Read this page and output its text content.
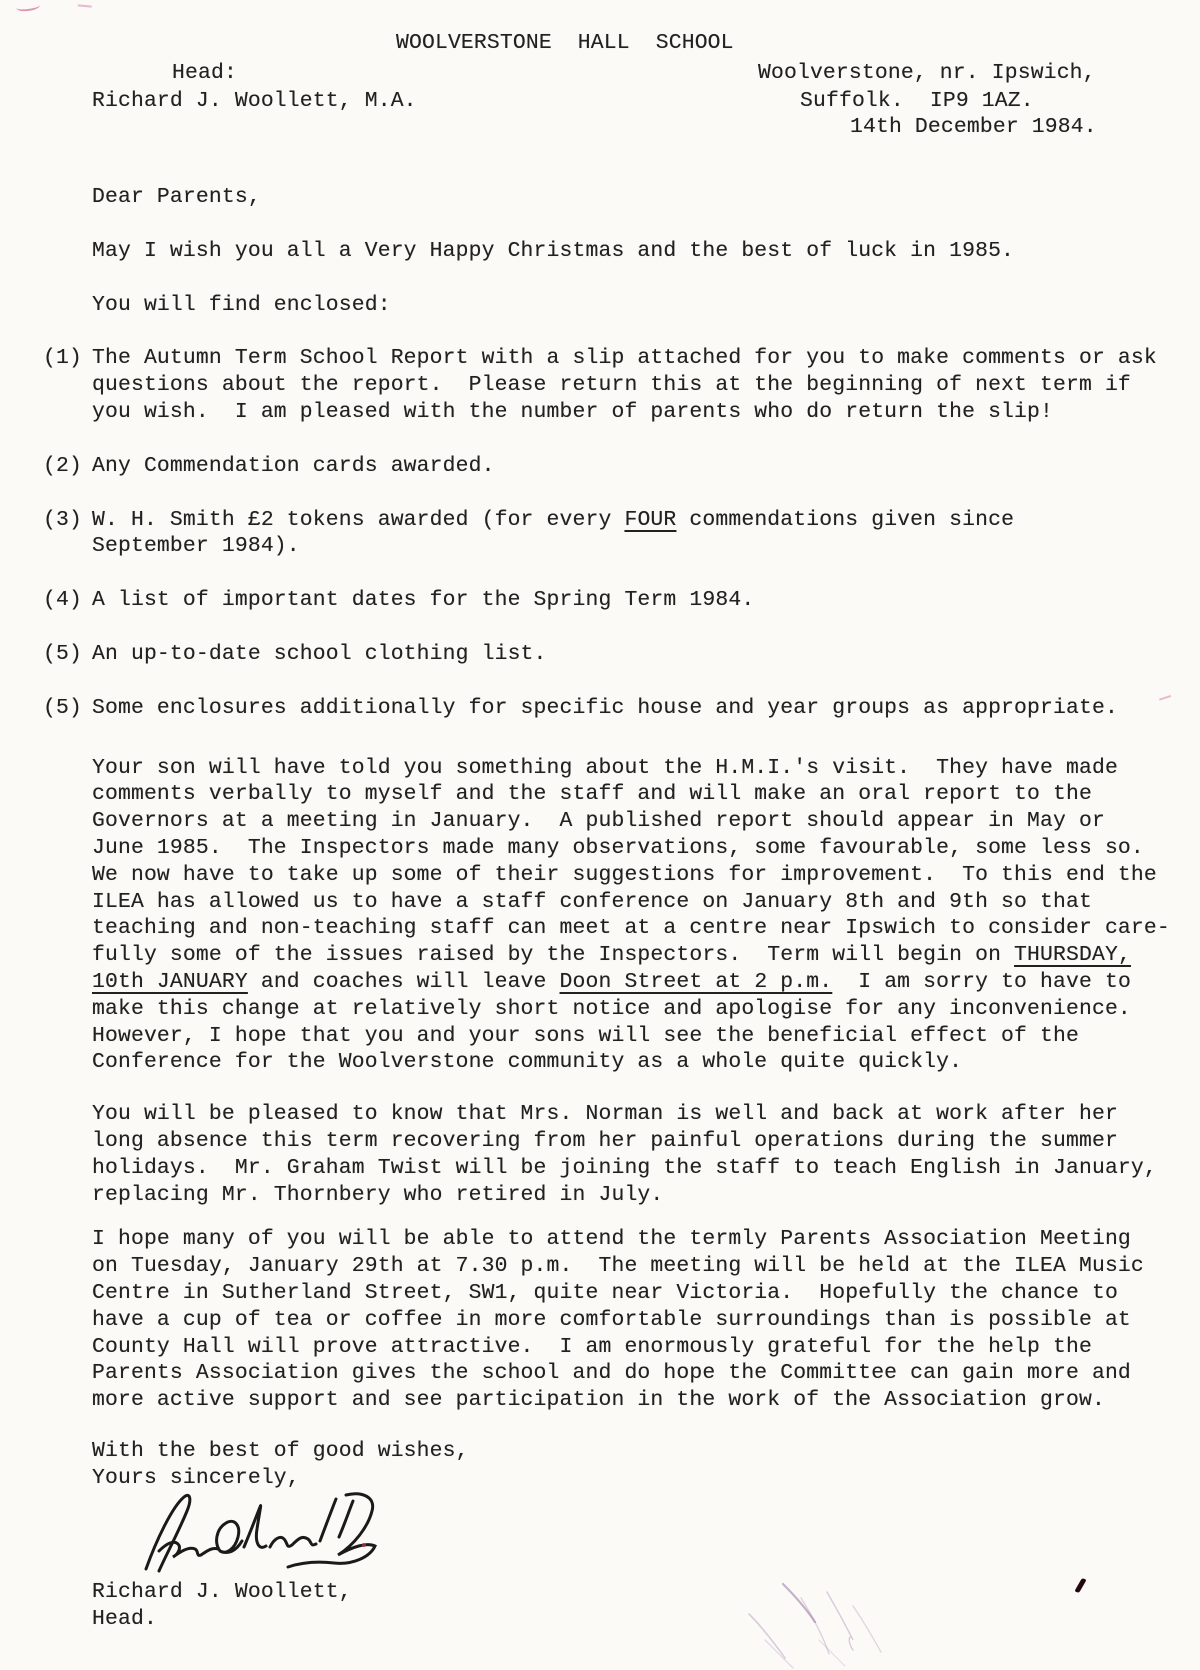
WOOLVERSTONE  HALL  SCHOOL
Head:
Richard J. Woollett, M.A.
Woolverstone, nr. Ipswich,
Suffolk.  IP9 1AZ.
14th December 1984.
Dear Parents,
May I wish you all a Very Happy Christmas and the best of luck in 1985.
You will find enclosed:
(1) The Autumn Term School Report with a slip attached for you to make comments or ask
questions about the report.  Please return this at the beginning of next term if
you wish.  I am pleased with the number of parents who do return the slip!
(2) Any Commendation cards awarded.
(3) W. H. Smith £2 tokens awarded (for every FOUR commendations given since
September 1984).
(4) A list of important dates for the Spring Term 1984.
(5) An up-to-date school clothing list.
(5) Some enclosures additionally for specific house and year groups as appropriate.
Your son will have told you something about the H.M.I.'s visit.  They have made
comments verbally to myself and the staff and will make an oral report to the
Governors at a meeting in January.  A published report should appear in May or
June 1985.  The Inspectors made many observations, some favourable, some less so.
We now have to take up some of their suggestions for improvement.  To this end the
ILEA has allowed us to have a staff conference on January 8th and 9th so that
teaching and non-teaching staff can meet at a centre near Ipswich to consider care-
fully some of the issues raised by the Inspectors.  Term will begin on THURSDAY,
10th JANUARY and coaches will leave Doon Street at 2 p.m.  I am sorry to have to
make this change at relatively short notice and apologise for any inconvenience.
However, I hope that you and your sons will see the beneficial effect of the
Conference for the Woolverstone community as a whole quite quickly.
You will be pleased to know that Mrs. Norman is well and back at work after her
long absence this term recovering from her painful operations during the summer
holidays.  Mr. Graham Twist will be joining the staff to teach English in January,
replacing Mr. Thornbery who retired in July.
I hope many of you will be able to attend the termly Parents Association Meeting
on Tuesday, January 29th at 7.30 p.m.  The meeting will be held at the ILEA Music
Centre in Sutherland Street, SW1, quite near Victoria.  Hopefully the chance to
have a cup of tea or coffee in more comfortable surroundings than is possible at
County Hall will prove attractive.  I am enormously grateful for the help the
Parents Association gives the school and do hope the Committee can gain more and
more active support and see participation in the work of the Association grow.
With the best of good wishes,
Yours sincerely,
Richard J. Woollett,
Head.
